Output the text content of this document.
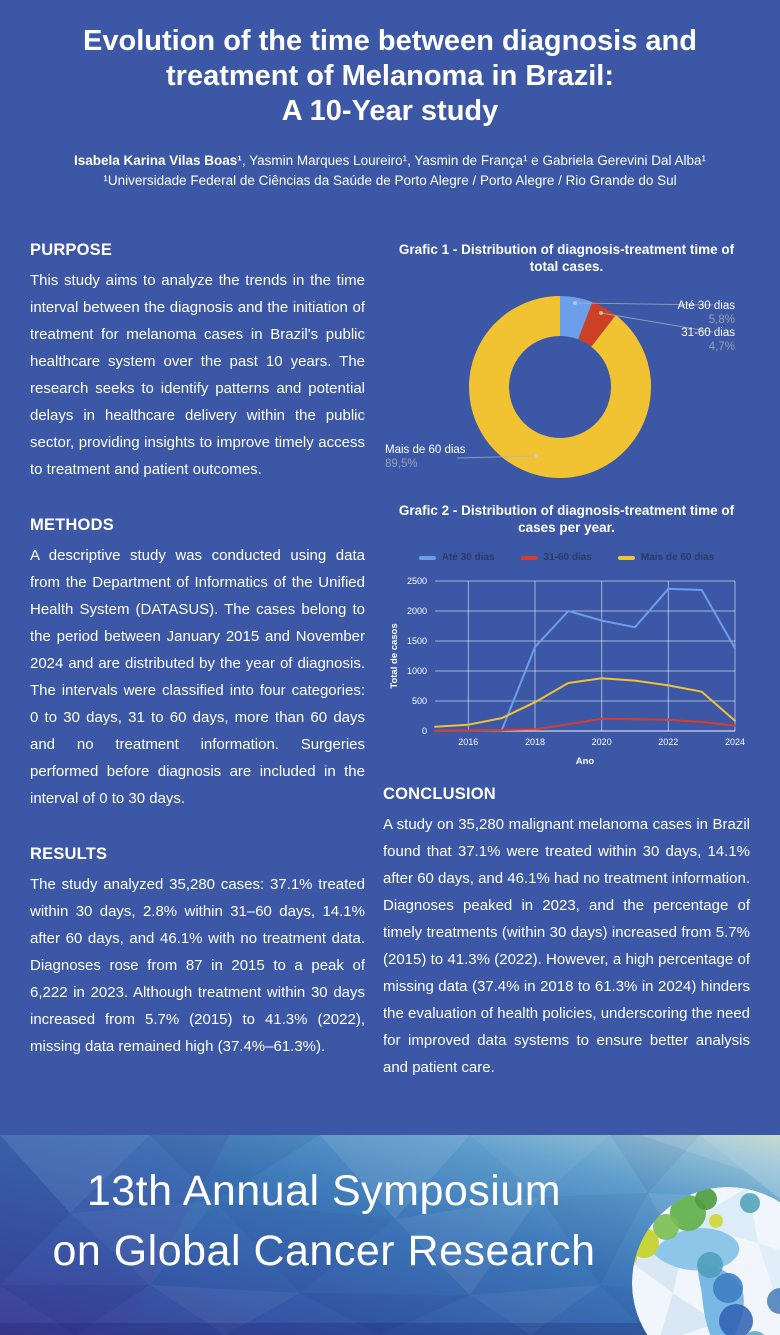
Evolution of the time between diagnosis and
treatment of Melanoma in Brazil:
A 10-Year study

Isabela Karina Vilas Boas¹, Yasmin Marques Loureiro¹, Yasmin de França¹ e Gabriela Gerevini Dal Alba¹

¹Universidade Federal de Ciências da Saúde de Porto Alegre / Porto Alegre / Rio Grande do Sul

PURPOSE

This study aims to analyze the trends in the time interval between the diagnosis and the initiation of treatment for melanoma cases in Brazil's public healthcare system over the past 10 years. The research seeks to identify patterns and potential delays in healthcare delivery within the public sector, providing insights to improve timely access to treatment and patient outcomes.

METHODS

A descriptive study was conducted using data from the Department of Informatics of the Unified Health System (DATASUS). The cases belong to the period between January 2015 and November 2024 and are distributed by the year of diagnosis. The intervals were classified into four categories: 0 to 30 days, 31 to 60 days, more than 60 days and no treatment information. Surgeries performed before diagnosis are included in the interval of 0 to 30 days.

RESULTS

The study analyzed 35,280 cases: 37.1% treated within 30 days, 2.8% within 31–60 days, 14.1% after 60 days, and 46.1% with no treatment data. Diagnoses rose from 87 in 2015 to a peak of 6,222 in 2023. Although treatment within 30 days increased from 5.7% (2015) to 41.3% (2022), missing data remained high (37.4%–61.3%).

Grafic 1 - Distribution of diagnosis-treatment time of total cases.
Até 30 dias
5,8%
31-60 dias
4,7%
Mais de 60 dias
89,5%
Grafic 2 - Distribution of diagnosis-treatment time of cases per year.
Até 30 dias	31-60 dias	Mais de 60 dias
0
500
1000
1500
2000
2500
2016	2018	2020	2022	2024
Ano
Total de casos
CONCLUSION

A study on 35,280 malignant melanoma cases in Brazil found that 37.1% were treated within 30 days, 14.1% after 60 days, and 46.1% had no treatment information. Diagnoses peaked in 2023, and the percentage of timely treatments (within 30 days) increased from 5.7% (2015) to 41.3% (2022). However, a high percentage of missing data (37.4% in 2018 to 61.3% in 2024) hinders the evaluation of health policies, underscoring the need for improved data systems to ensure better analysis and patient care.

13th Annual Symposium
on Global Cancer Research
